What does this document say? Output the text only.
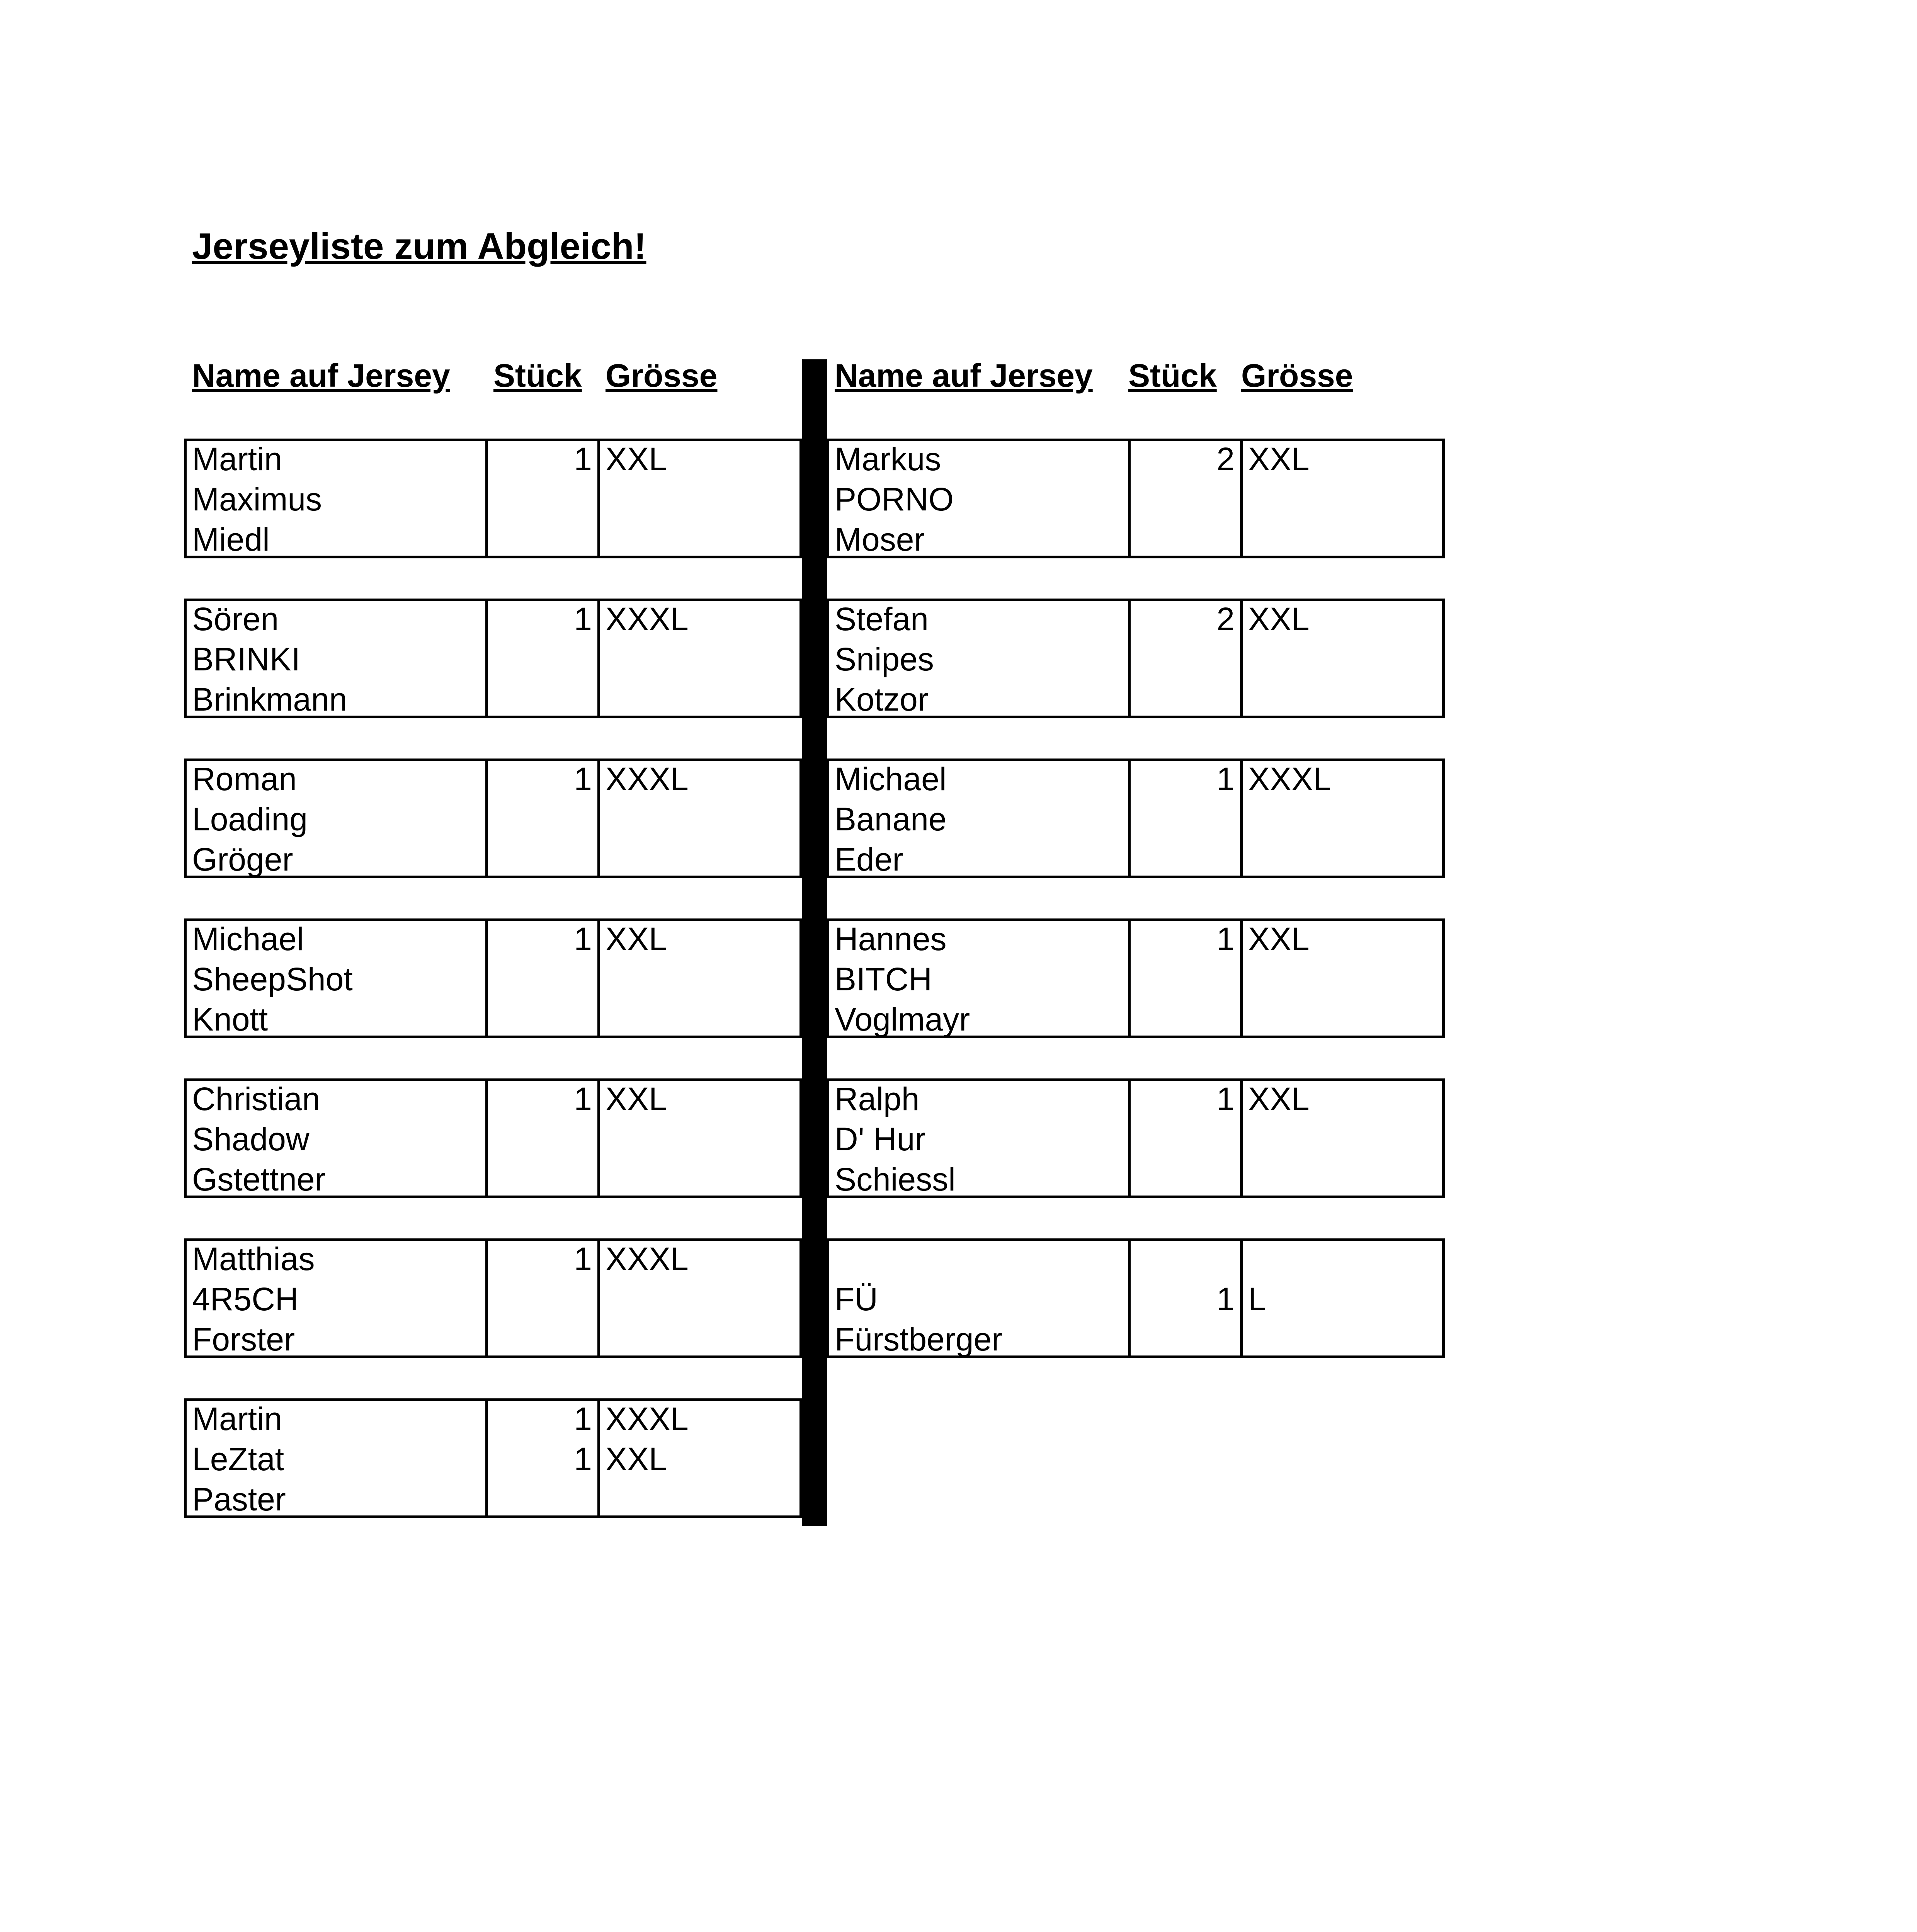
Jerseyliste zum Abgleich!
Name auf Jersey Stück Grösse	Name auf Jersey Stück Grösse
Martin
Maximus
Miedl
1 XXL
Sören
BRINKI
Brinkmann
1 XXXL
Roman
Loading
Gröger
1 XXXL
Michael
SheepShot
Knott
1 XXL
Christian
Shadow
Gstettner
1 XXL
Matthias
4R5CH
Forster
1 XXXL
Martin
LeZtat
Paster
1
1
XXXL
XXL
Markus
PORNO
Moser
2 XXL
Stefan
Snipes
Kotzor
2 XXL
Michael
Banane
Eder
1 XXXL
Hannes
BITCH
Voglmayr
1 XXL
Ralph
D' Hur
Schiessl
1 XXL
FÜ
Fürstberger
1 L
